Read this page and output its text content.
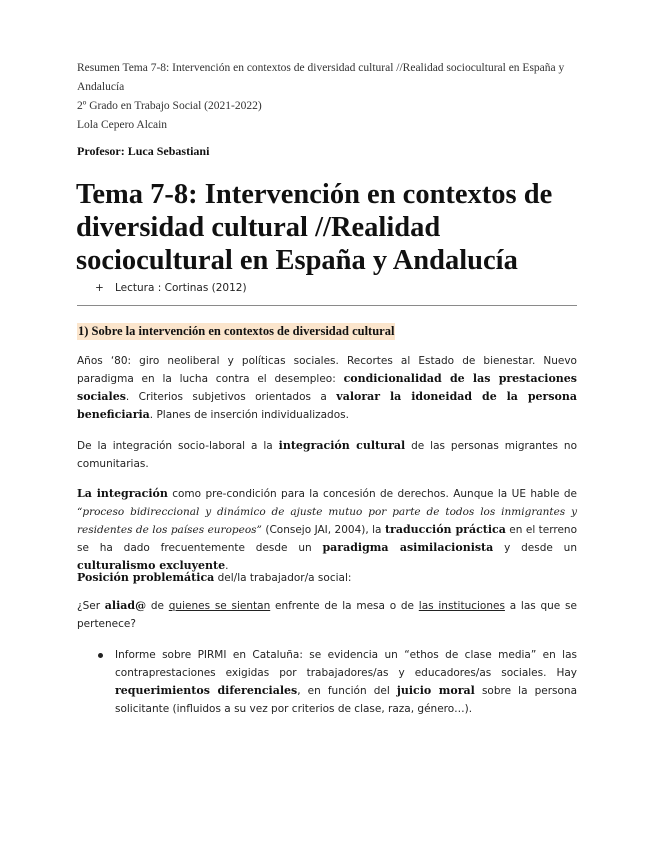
Resumen Tema 7-8: Intervención en contextos de diversidad cultural //Realidad sociocultural en España y Andalucía
2º Grado en Trabajo Social (2021-2022)
Lola Cepero Alcain
Profesor: Luca Sebastiani
Tema 7-8: Intervención en contextos de diversidad cultural //Realidad sociocultural en España y Andalucía
+ Lectura : Cortinas (2012)
1) Sobre la intervención en contextos de diversidad cultural

Años ‘80: giro neoliberal y políticas sociales. Recortes al Estado de bienestar. Nuevo paradigma en la lucha contra el desempleo: condicionalidad de las prestaciones sociales. Criterios subjetivos orientados a valorar la idoneidad de la persona beneficiaria. Planes de inserción individualizados.

De la integración socio-laboral a la integración cultural de las personas migrantes no comunitarias.

La integración como pre-condición para la concesión de derechos. Aunque la UE hable de “proceso bidireccional y dinámico de ajuste mutuo por parte de todos los inmigrantes y residentes de los países europeos” (Consejo JAI, 2004), la traducción práctica en el terreno se ha dado frecuentemente desde un paradigma asimilacionista y desde un culturalismo excluyente.

Posición problemática del/la trabajador/a social:

¿Ser aliad@ de quienes se sientan enfrente de la mesa o de las instituciones a las que se pertenece?

Informe sobre PIRMI en Cataluña: se evidencia un “ethos de clase media” en las contraprestaciones exigidas por trabajadores/as y educadores/as sociales. Hay requerimientos diferenciales, en función del juicio moral sobre la persona solicitante (influidos a su vez por criterios de clase, raza, género…).
